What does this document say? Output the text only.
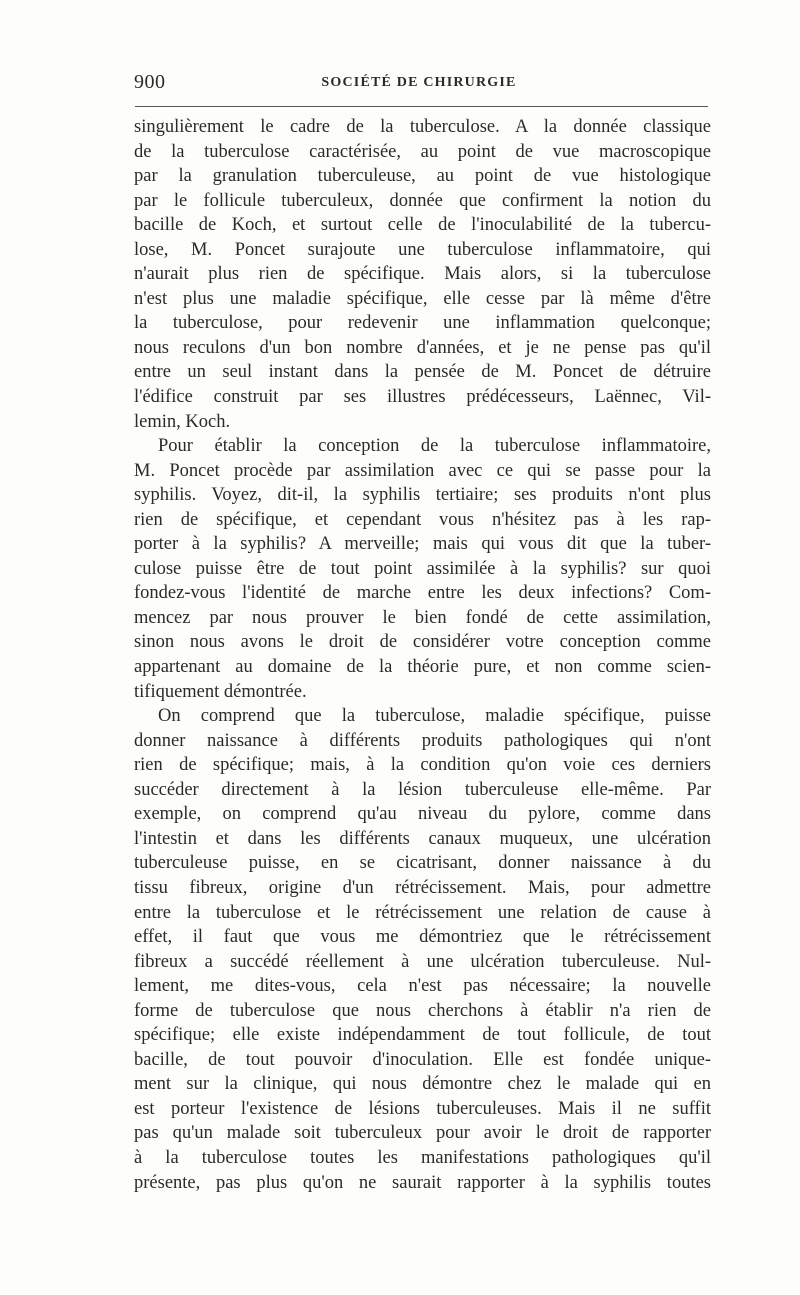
900	SOCIÉTÉ DE CHIRURGIE
singulièrement le cadre de la tuberculose. A la donnée classique
de la tuberculose caractérisée, au point de vue macroscopique
par la granulation tuberculeuse, au point de vue histologique
par le follicule tuberculeux, donnée que confirment la notion du
bacille de Koch, et surtout celle de l'inoculabilité de la tubercu-
lose, M. Poncet surajoute une tuberculose inflammatoire, qui
n'aurait plus rien de spécifique. Mais alors, si la tuberculose
n'est plus une maladie spécifique, elle cesse par là même d'être
la tuberculose, pour redevenir une inflammation quelconque;
nous reculons d'un bon nombre d'années, et je ne pense pas qu'il
entre un seul instant dans la pensée de M. Poncet de détruire
l'édifice construit par ses illustres prédécesseurs, Laënnec, Vil-
lemin, Koch.
Pour établir la conception de la tuberculose inflammatoire,
M. Poncet procède par assimilation avec ce qui se passe pour la
syphilis. Voyez, dit-il, la syphilis tertiaire; ses produits n'ont plus
rien de spécifique, et cependant vous n'hésitez pas à les rap-
porter à la syphilis? A merveille; mais qui vous dit que la tuber-
culose puisse être de tout point assimilée à la syphilis? sur quoi
fondez-vous l'identité de marche entre les deux infections? Com-
mencez par nous prouver le bien fondé de cette assimilation,
sinon nous avons le droit de considérer votre conception comme
appartenant au domaine de la théorie pure, et non comme scien-
tifiquement démontrée.
On comprend que la tuberculose, maladie spécifique, puisse
donner naissance à différents produits pathologiques qui n'ont
rien de spécifique; mais, à la condition qu'on voie ces derniers
succéder directement à la lésion tuberculeuse elle-même. Par
exemple, on comprend qu'au niveau du pylore, comme dans
l'intestin et dans les différents canaux muqueux, une ulcération
tuberculeuse puisse, en se cicatrisant, donner naissance à du
tissu fibreux, origine d'un rétrécissement. Mais, pour admettre
entre la tuberculose et le rétrécissement une relation de cause à
effet, il faut que vous me démontriez que le rétrécissement
fibreux a succédé réellement à une ulcération tuberculeuse. Nul-
lement, me dites-vous, cela n'est pas nécessaire; la nouvelle
forme de tuberculose que nous cherchons à établir n'a rien de
spécifique; elle existe indépendamment de tout follicule, de tout
bacille, de tout pouvoir d'inoculation. Elle est fondée unique-
ment sur la clinique, qui nous démontre chez le malade qui en
est porteur l'existence de lésions tuberculeuses. Mais il ne suffit
pas qu'un malade soit tuberculeux pour avoir le droit de rapporter
à la tuberculose toutes les manifestations pathologiques qu'il
présente, pas plus qu'on ne saurait rapporter à la syphilis toutes
